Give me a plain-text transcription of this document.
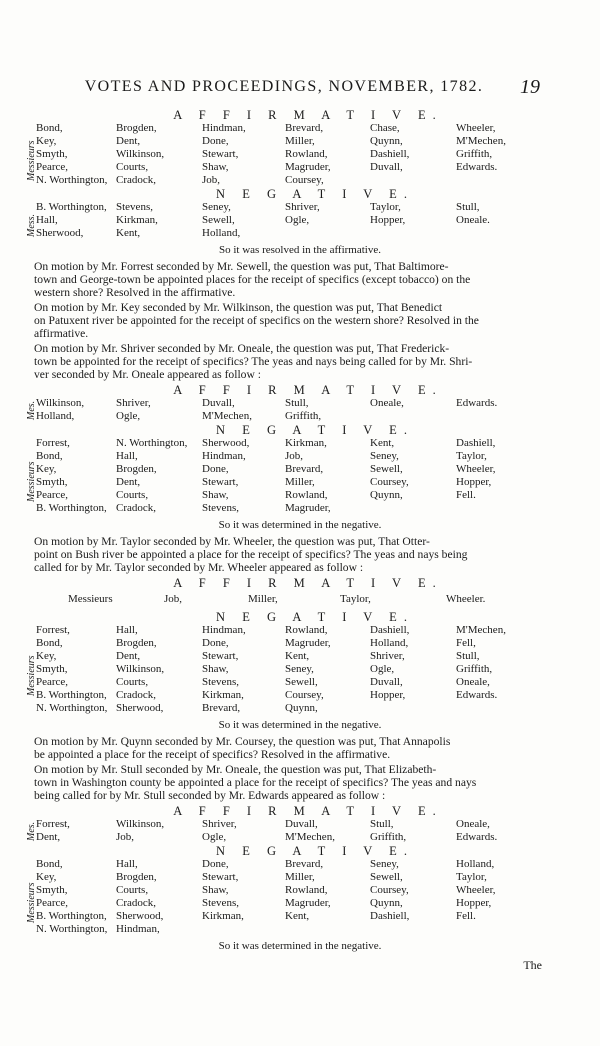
VOTES AND PROCEEDINGS, NOVEMBER, 1782.	19
A F F I R M A T I V E.
Bond,	Brogden,	Hindman,	Brevard,	Chase,	Wheeler,
Key,	Dent,	Done,	Miller,	Quynn,	M'Mechen,
Smyth,	Wilkinson,	Stewart,	Rowland,	Dashiell,	Griffith,
Pearce,	Courts,	Shaw,	Magruder,	Duvall,	Edwards.
N. Worthington, Cradock,	Job,	Coursey,
Messieurs
N E G A T I V E.
B. Worthington, Stevens,	Seney,	Shriver,	Taylor,	Stull,
Hall,	Kirkman,	Sewell,	Ogle,	Hopper,	Oneale.
Sherwood,	Kent,	Holland,
Mess.
So it was resolved in the affirmative.
On motion by Mr. Forrest seconded by Mr. Sewell, the question was put, That Baltimore-
town and George-town be appointed places for the receipt of specifics (except tobacco) on the
western shore? Resolved in the affirmative.
On motion by Mr. Key seconded by Mr. Wilkinson, the question was put, That Benedict
on Patuxent river be appointed for the receipt of specifics on the western shore? Resolved in the
affirmative.
On motion by Mr. Shriver seconded by Mr. Oneale, the question was put, That Frederick-
town be appointed for the receipt of specifics? The yeas and nays being called for by Mr. Shri-
ver seconded by Mr. Oneale appeared as follow :
A F F I R M A T I V E.
Wilkinson,	Shriver,	Duvall,	Stull,	Oneale,	Edwards.
Holland,	Ogle,	M'Mechen,	Griffith,
Mes.
N E G A T I V E.
Forrest,	N. Worthington, Sherwood,	Kirkman,	Kent,	Dashiell,
Bond,	Hall,	Hindman,	Job,	Seney,	Taylor,
Key,	Brogden,	Done,	Brevard,	Sewell,	Wheeler,
Smyth,	Dent,	Stewart,	Miller,	Coursey,	Hopper,
Pearce,	Courts,	Shaw,	Rowland,	Quynn,	Fell.
B. Worthington, Cradock,	Stevens,	Magruder,
Messieurs
So it was determined in the negative.
On motion by Mr. Taylor seconded by Mr. Wheeler, the question was put, That Otter-
point on Bush river be appointed a place for the receipt of specifics? The yeas and nays being
called for by Mr. Taylor seconded by Mr. Wheeler appeared as follow :
A F F I R M A T I V E.
Messieurs	Job,	Miller,	Taylor,	Wheeler.
N E G A T I V E.
Forrest,	Hall,	Hindman,	Rowland,	Dashiell,	M'Mechen,
Bond,	Brogden,	Done,	Magruder,	Holland,	Fell,
Key,	Dent,	Stewart,	Kent,	Shriver,	Stull,
Smyth,	Wilkinson,	Shaw,	Seney,	Ogle,	Griffith,
Pearce,	Courts,	Stevens,	Sewell,	Duvall,	Oneale,
B. Worthington, Cradock,	Kirkman,	Coursey,	Hopper,	Edwards.
N. Worthington, Sherwood,	Brevard,	Quynn,
Messieurs
So it was determined in the negative.
On motion by Mr. Quynn seconded by Mr. Coursey, the question was put, That Annapolis
be appointed a place for the receipt of specifics? Resolved in the affirmative.
On motion by Mr. Stull seconded by Mr. Oneale, the question was put, That Elizabeth-
town in Washington county be appointed a place for the receipt of specifics? The yeas and nays
being called for by Mr. Stull seconded by Mr. Edwards appeared as follow :
A F F I R M A T I V E.
Forrest,	Wilkinson,	Shriver,	Duvall,	Stull,	Oneale,
Dent,	Job,	Ogle,	M'Mechen,	Griffith,	Edwards.
Mes.
N E G A T I V E.
Bond,	Hall,	Done,	Brevard,	Seney,	Holland,
Key,	Brogden,	Stewart,	Miller,	Sewell,	Taylor,
Smyth,	Courts,	Shaw,	Rowland,	Coursey,	Wheeler,
Pearce,	Cradock,	Stevens,	Magruder,	Quynn,	Hopper,
B. Worthington, Sherwood,	Kirkman,	Kent,	Dashiell,	Fell.
N. Worthington, Hindman,
Messieurs
So it was determined in the negative.
The
